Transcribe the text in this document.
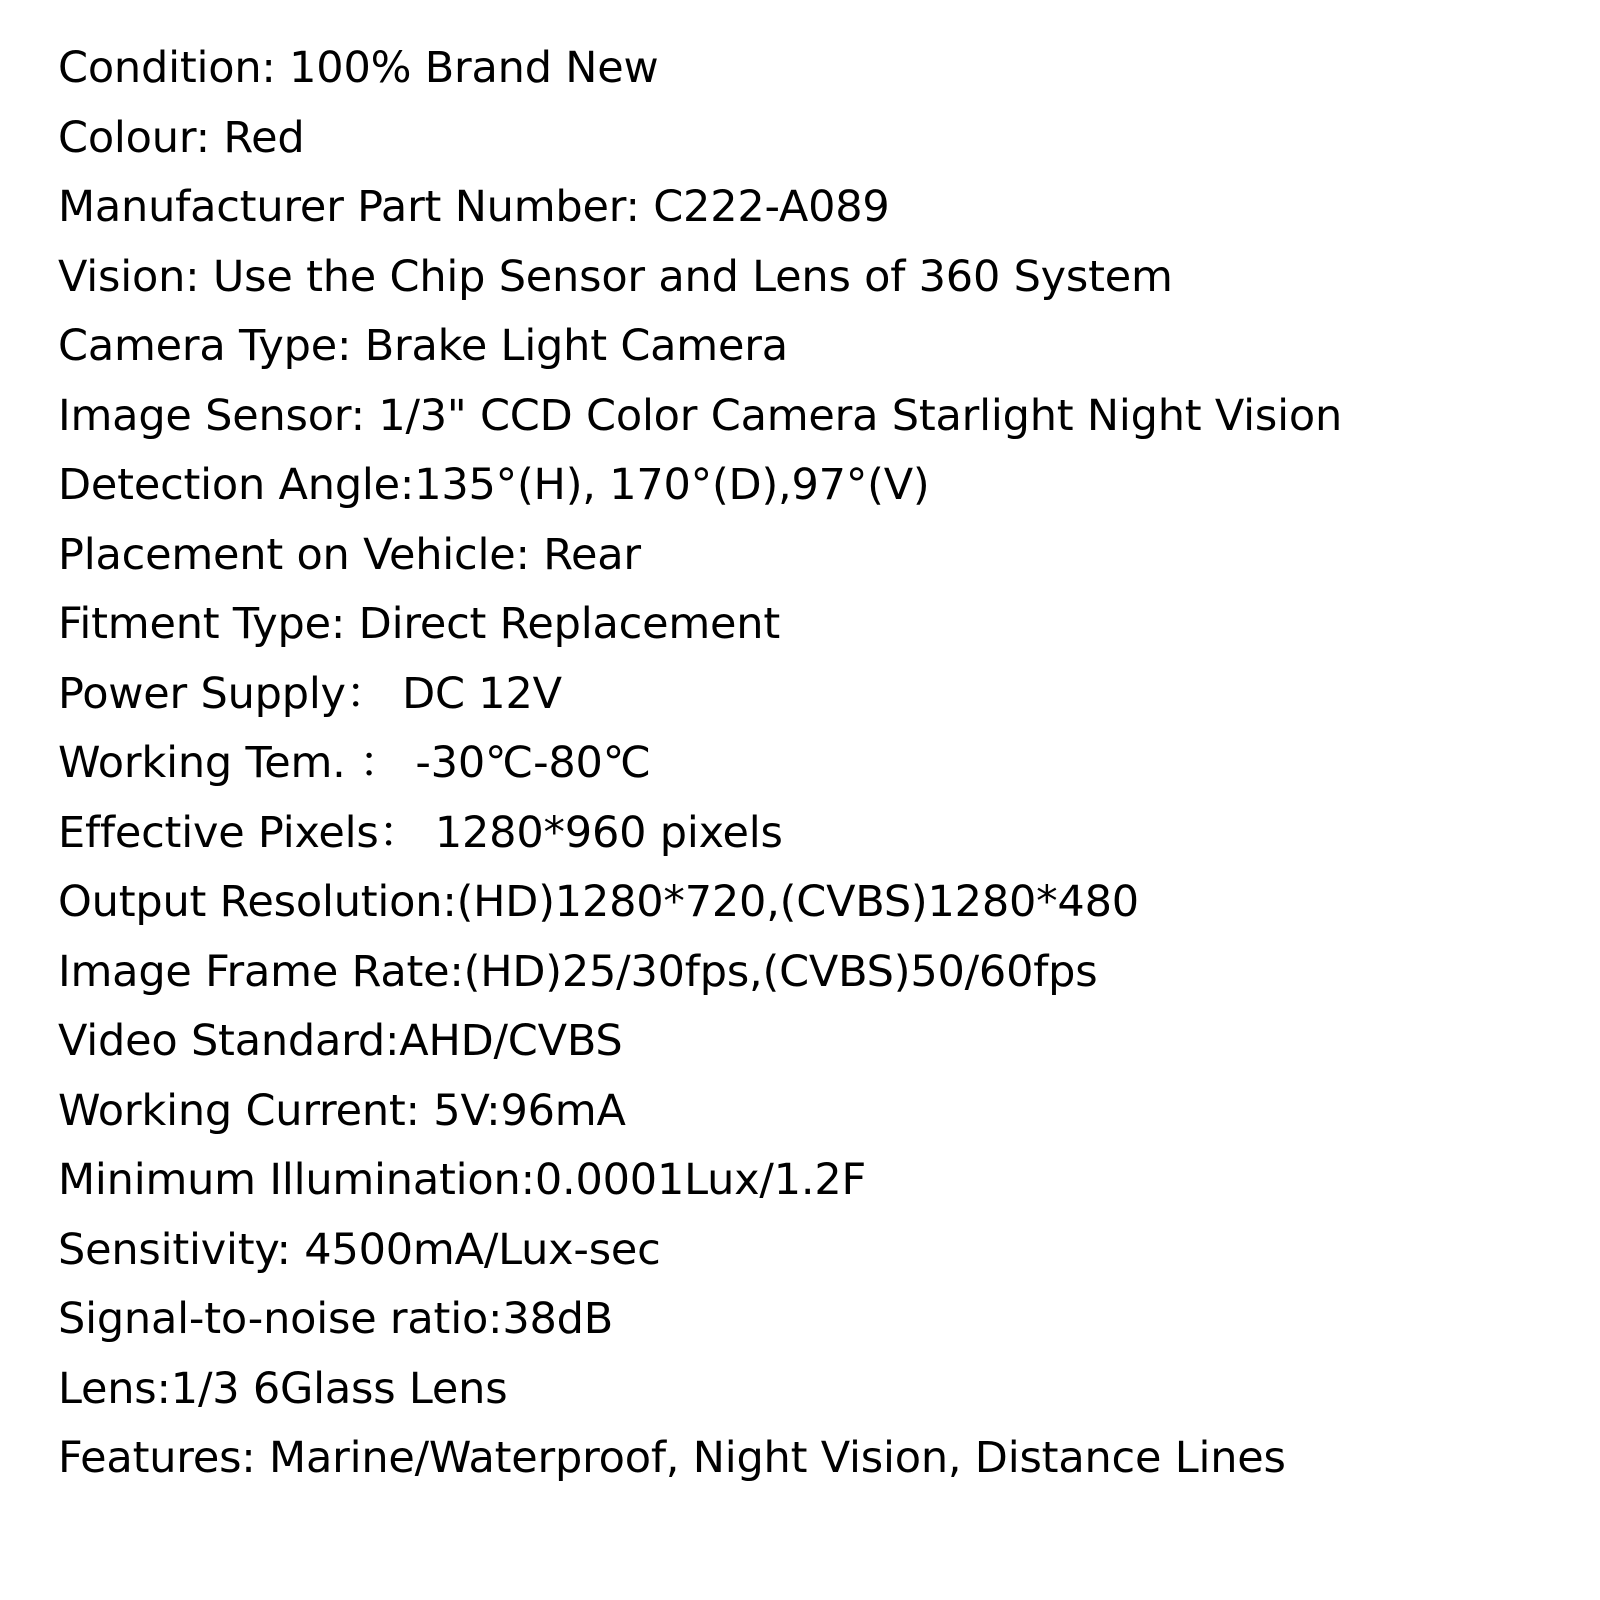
Condition: 100% Brand New
Colour: Red
Manufacturer Part Number: C222-A089
Vision: Use the Chip Sensor and Lens of 360 System
Camera Type: Brake Light Camera
Image Sensor: 1/3" CCD Color Camera Starlight Night Vision
Detection Angle:135°(H), 170°(D),97°(V)
Placement on Vehicle: Rear
Fitment Type: Direct Replacement
Power Supply： DC 12V
Working Tem. ： -30℃-80℃
Effective Pixels： 1280*960 pixels
Output Resolution:(HD)1280*720,(CVBS)1280*480
Image Frame Rate:(HD)25/30fps,(CVBS)50/60fps
Video Standard:AHD/CVBS
Working Current: 5V:96mA
Minimum Illumination:0.0001Lux/1.2F
Sensitivity: 4500mA/Lux-sec
Signal-to-noise ratio:38dB
Lens:1/3 6Glass Lens
Features: Marine/Waterproof, Night Vision, Distance Lines
